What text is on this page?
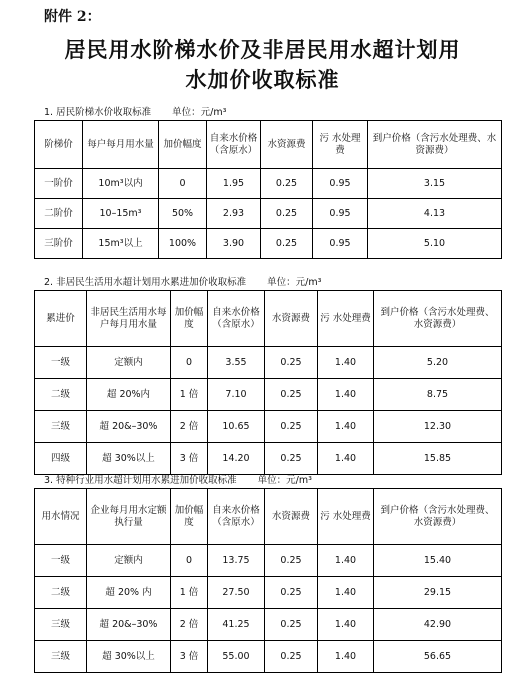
附件 2：
居民用水阶梯水价及非居民用水超计划用
水加价收取标准
1. 居民阶梯水价收取标准 单位：元/m³
阶梯价	每户每月用水量	加价幅度	自来水价格（含原水）	水资源费	污 水处理费	到户价格（含污水处理费、水资源费）
一阶价	10m³以内	0	1.95	0.25	0.95	3.15
二阶价	10–15m³	50%	2.93	0.25	0.95	4.13
三阶价	15m³以上	100%	3.90	0.25	0.95	5.10
2. 非居民生活用水超计划用水累进加价收取标准 单位：元/m³
累进价	非居民生活用水每户每月用水量	加价幅度	自来水价格（含原水）	水资源费	污 水处理费	到户价格（含污水处理费、水资源费）
一级	定额内	0	3.55	0.25	1.40	5.20
二级	超 20%内	1 倍	7.10	0.25	1.40	8.75
三级	超 20&–30%	2 倍	10.65	0.25	1.40	12.30
四级	超 30%以上	3 倍	14.20	0.25	1.40	15.85
3. 特种行业用水超计划用水累进加价收取标准 单位：元/m³
用水情况	企业每月用水定额执行量	加价幅度	自来水价格（含原水）	水资源费	污 水处理费	到户价格（含污水处理费、水资源费）
一级	定额内	0	13.75	0.25	1.40	15.40
二级	超 20% 内	1 倍	27.50	0.25	1.40	29.15
三级	超 20&–30%	2 倍	41.25	0.25	1.40	42.90
三级	超 30%以上	3 倍	55.00	0.25	1.40	56.65
